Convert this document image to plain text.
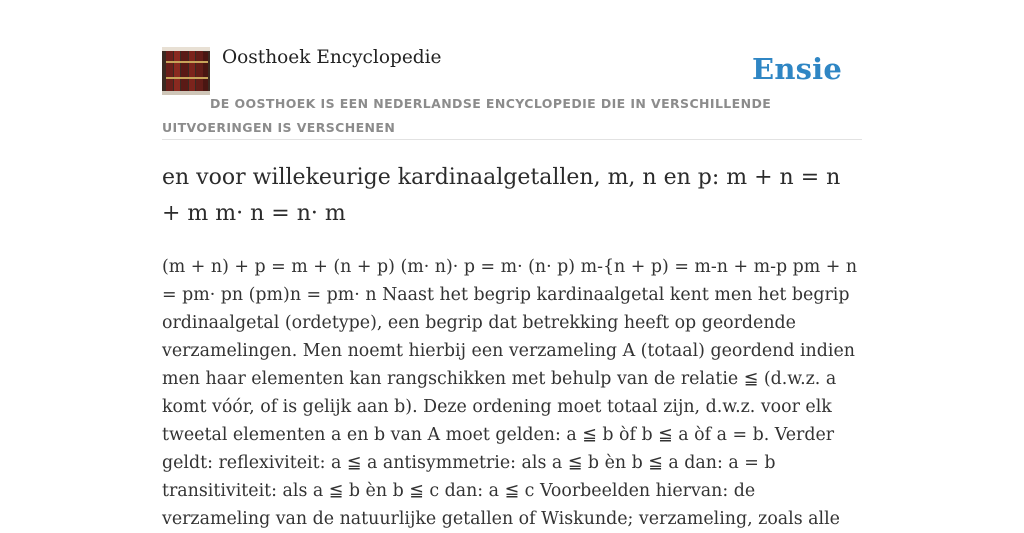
Oosthoek Encyclopedie	Ensie
DE OOSTHOEK IS EEN NEDERLANDSE ENCYCLOPEDIE DIE IN VERSCHILLENDE UITVOERINGEN IS VERSCHENEN
en voor willekeurige kardinaalgetallen, m, n en p: m + n = n + m m· n = n· m

(m + n) + p = m + (n + p) (m· n)· p = m· (n· p) m-{n + p) = m-n + m-p pm + n = pm· pn (pm)n = pm· n Naast het begrip kardinaalgetal kent men het begrip ordinaalgetal (ordetype), een begrip dat betrekking heeft op geordende verzamelingen. Men noemt hierbij een verzameling A (totaal) geordend indien men haar elementen kan rangschikken met behulp van de relatie ≦ (d.w.z. a komt vóór, of is gelijk aan b). Deze ordening moet totaal zijn, d.w.z. voor elk tweetal elementen a en b van A moet gelden: a ≦ b òf b ≦ a òf a = b. Verder geldt: reflexiviteit: a ≦ a antisymmetrie: als a ≦ b èn b ≦ a dan: a = b transitiviteit: als a ≦ b èn b ≦ c dan: a ≦ c Voorbeelden hiervan: de verzameling van de natuurlijke getallen of Wiskunde; verzameling, zoals alle
